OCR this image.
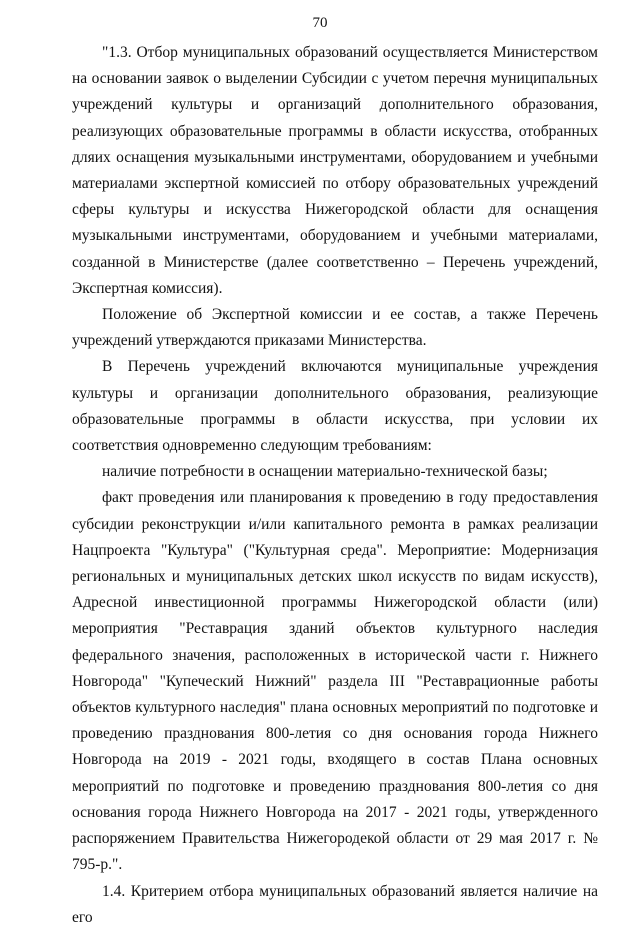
70

"1.3. Отбор муниципальных образований осуществляется Министерством на основании заявок о выделении Субсидии с учетом перечня муниципальных учреждений культуры и организаций дополнительного образования, реализующих образовательные программы в области искусства, отобранных дляих оснащения музыкальными инструментами, оборудованием и учебными материалами экспертной комиссией по отбору образовательных учреждений сферы культуры и искусства Нижегородской области для оснащения музыкальными инструментами, оборудованием и учебными материалами, созданной в Министерстве (далее соответственно – Перечень учреждений, Экспертная комиссия).

Положение об Экспертной комиссии и ее состав, а также Перечень учреждений утверждаются приказами Министерства.

В Перечень учреждений включаются муниципальные учреждения культуры и организации дополнительного образования, реализующие образовательные программы в области искусства, при условии их соответствия одновременно следующим требованиям:

наличие потребности в оснащении материально-технической базы;

факт проведения или планирования к проведению в году предоставления субсидии реконструкции и/или капитального ремонта в рамках реализации Нацпроекта "Культура" ("Культурная среда". Мероприятие: Модернизация региональных и муниципальных детских школ искусств по видам искусств), Адресной инвестиционной программы Нижегородской области (или) мероприятия "Реставрация зданий объектов культурного наследия федерального значения, расположенных в исторической части г. Нижнего Новгорода" "Купеческий Нижний" раздела III "Реставрационные работы объектов культурного наследия" плана основных мероприятий по подготовке и проведению празднования 800-летия со дня основания города Нижнего Новгорода на 2019 - 2021 годы, входящего в состав Плана основных мероприятий по подготовке и проведению празднования 800-летия со дня основания города Нижнего Новгорода на 2017 - 2021 годы, утвержденного распоряжением Правительства Нижегородекой области от 29 мая 2017 г. № 795-р.".

1.4. Критерием отбора муниципальных образований является наличие на его
